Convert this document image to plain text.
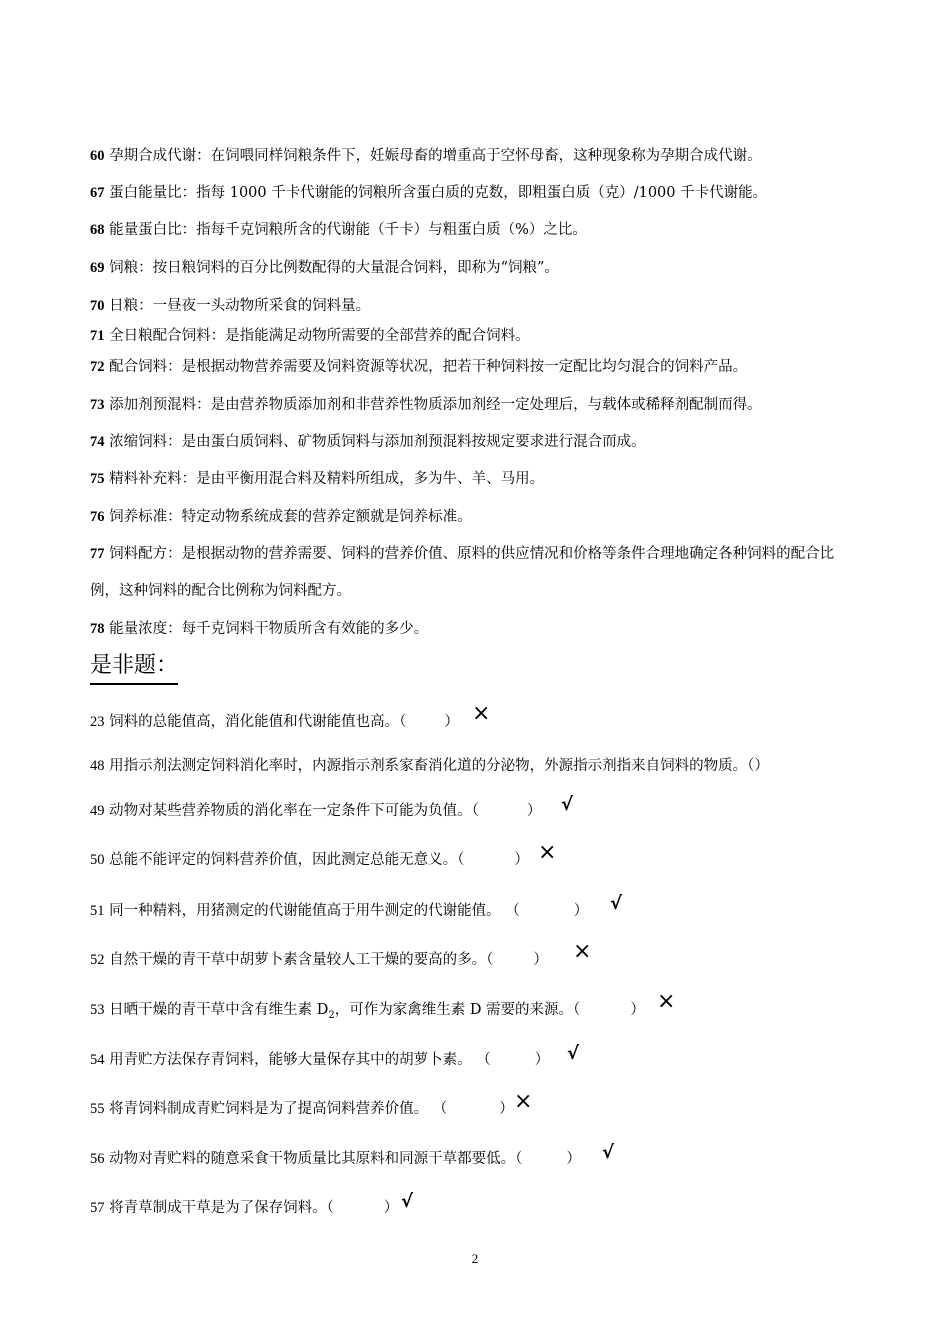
60 孕期合成代谢：在饲喂同样饲粮条件下，妊娠母畜的增重高于空怀母畜，这种现象称为孕期合成代谢。
67 蛋白能量比：指每 1000 千卡代谢能的饲粮所含蛋白质的克数，即粗蛋白质（克）/1000 千卡代谢能。
68 能量蛋白比：指每千克饲粮所含的代谢能（千卡）与粗蛋白质（%）之比。
69 饲粮：按日粮饲料的百分比例数配得的大量混合饲料，即称为“饲粮”。
70 日粮：一昼夜一头动物所采食的饲料量。
71 全日粮配合饲料：是指能满足动物所需要的全部营养的配合饲料。
72 配合饲料：是根据动物营养需要及饲料资源等状况，把若干种饲料按一定配比均匀混合的饲料产品。
73 添加剂预混料：是由营养物质添加剂和非营养性物质添加剂经一定处理后，与载体或稀释剂配制而得。
74 浓缩饲料：是由蛋白质饲料、矿物质饲料与添加剂预混料按规定要求进行混合而成。
75 精料补充料：是由平衡用混合料及精料所组成，多为牛、羊、马用。
76 饲养标准：特定动物系统成套的营养定额就是饲养标准。
77 饲料配方：是根据动物的营养需要、饲料的营养价值、原料的供应情况和价格等条件合理地确定各种饲料的配合比例，这种饲料的配合比例称为饲料配方。
78 能量浓度：每千克饲料干物质所含有效能的多少。
是非题：
23 饲料的总能值高，消化能值和代谢能值也高。（	） ×
48 用指示剂法测定饲料消化率时，内源指示剂系家畜消化道的分泌物，外源指示剂指来自饲料的物质。（）
49 动物对某些营养物质的消化率在一定条件下可能为负值。（	） √
50 总能不能评定的饲料营养价值，因此测定总能无意义。（	） ×
51 同一种精料，用猪测定的代谢能值高于用牛测定的代谢能值。 （	） √
52 自然干燥的青干草中胡萝卜素含量较人工干燥的要高的多。（	） ×
53 日晒干燥的青干草中含有维生素 $D_2$，可作为家禽维生素 D 需要的来源。（	） ×
54 用青贮方法保存青饲料，能够大量保存其中的胡萝卜素。 （	） √
55 将青饲料制成青贮饲料是为了提高饲料营养价值。 （	） ×
56 动物对青贮料的随意采食干物质量比其原料和同源干草都要低。（	） √
57 将青草制成干草是为了保存饲料。（	） √
2
